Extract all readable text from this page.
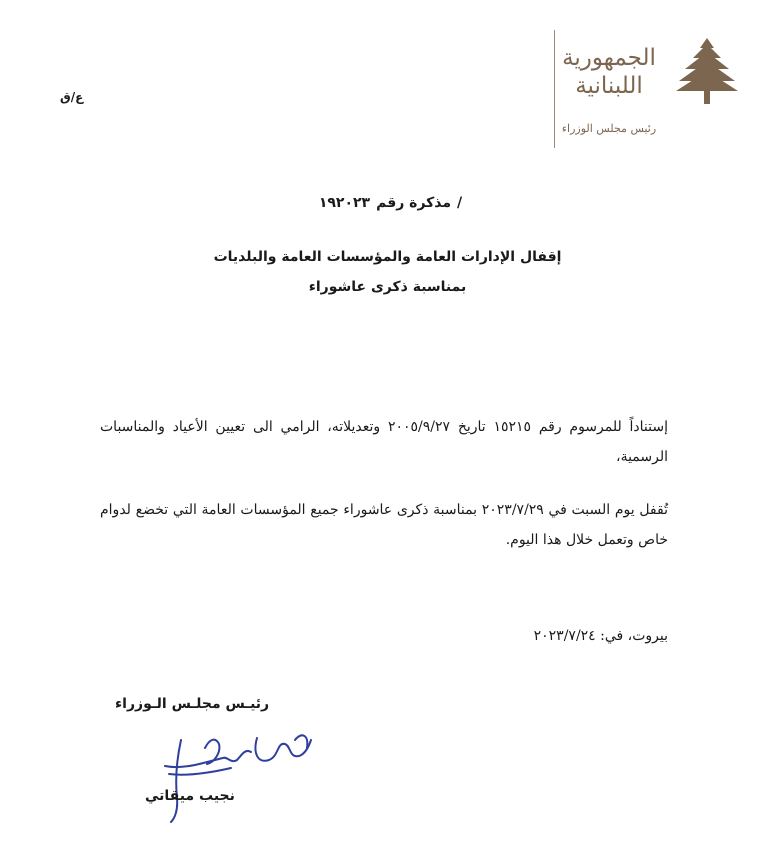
ع/ق
الجمهورية
اللبنانية
رئيس مجلس الوزراء
مذكرة رقم١٩٢٠٢٣/
إقفال الإدارات العامة والمؤسسات العامة والبلديات
بمناسبة ذكرى عاشوراء
إستناداً للمرسوم رقم ١٥٢١٥ تاريخ ٢٠٠٥/٩/٢٧ وتعديلاته، الرامي الى تعيين الأعياد والمناسبات الرسمية،
تُقفل يوم السبت في ٢٠٢٣/٧/٢٩ بمناسبة ذكرى عاشوراء جميع المؤسسات العامة التي تخضع لدوام خاص وتعمل خلال هذا اليوم.
بيروت، في: ٢٠٢٣/٧/٢٤
رئيـس مجلـس الـوزراء
نجيب ميقاتي
